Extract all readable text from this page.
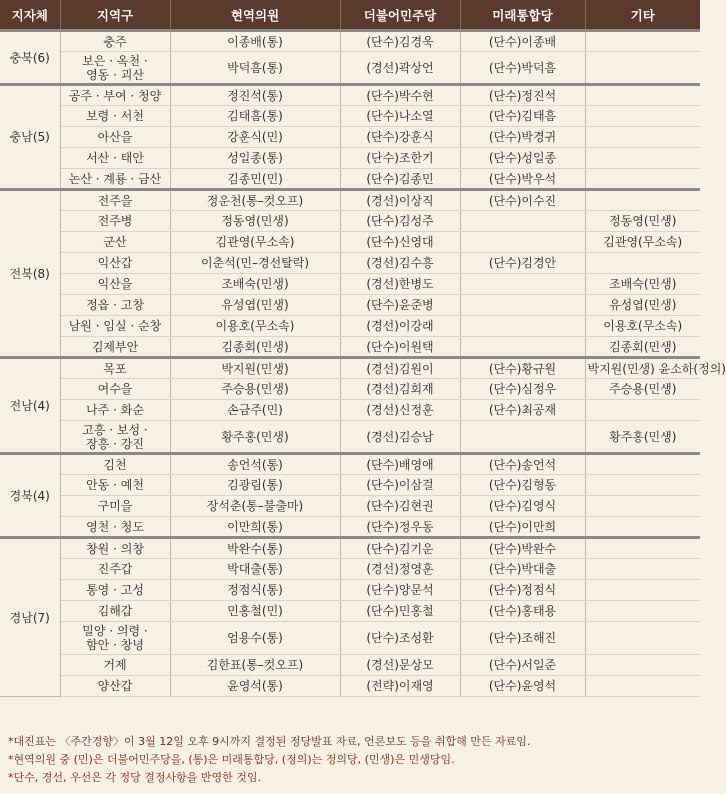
지자체	지역구	현역의원	더불어민주당	미래통합당	기타
충북(6)	충주	이종배(통)	(단수)김경욱	(단수)이종배	
	보은 · 옥천 ·
영동 · 괴산	박덕흠(통)	(경선)곽상언	(단수)박덕흠	
충남(5)	공주 · 부여 · 청양	정진석(통)	(단수)박수현	(단수)정진석	
	보령 · 서천	김태흠(통)	(단수)나소열	(단수)김태흠	
	아산을	강훈식(민)	(단수)강훈식	(단수)박경귀	
	서산 · 태안	성일종(통)	(단수)조한기	(단수)성일종	
	논산 · 계룡 · 금산	김종민(민)	(단수)김종민	(단수)박우석	
전북(8)	전주을	정운천(통–컷오프)	(경선)이상직	(단수)이수진	
	전주병	정동영(민생)	(단수)김성주		정동영(민생)
	군산	김관영(무소속)	(단수)신영대		김관영(무소속)
	익산갑	이춘석(민–경선탈락)	(경선)김수흥	(단수)김경안	
	익산을	조배숙(민생)	(경선)한병도		조배숙(민생)
	정읍 · 고창	유성엽(민생)	(단수)윤준병		유성엽(민생)
	남원 · 임실 · 순창	이용호(무소속)	(경선)이강래		이용호(무소속)
	김제부안	김종회(민생)	(단수)이원택		김종회(민생)
전남(4)	목포	박지원(민생)	(경선)김원이	(단수)황규원	박지원(민생) 윤소하(정의)
	여수을	주승용(민생)	(경선)김회재	(단수)심정우	주승용(민생)
	나주 · 화순	손금주(민)	(경선)신정훈	(단수)최공재	
	고흥 · 보성 ·
장흥 · 강진	황주홍(민생)	(경선)김승남		황주홍(민생)
경북(4)	김천	송언석(통)	(단수)배영애	(단수)송언석	
	안동 · 예천	김광림(통)	(단수)이삼걸	(단수)김형동	
	구미을	장석춘(통–불출마)	(단수)김현권	(단수)김영식	
	영천 · 청도	이만희(통)	(단수)정우동	(단수)이만희	
경남(7)	창원 · 의창	박완수(통)	(단수)김기운	(단수)박완수	
	진주갑	박대출(통)	(경선)정영훈	(단수)박대출	
	통영 · 고성	정점식(통)	(단수)양문석	(단수)정점식	
	김해갑	민홍철(민)	(단수)민홍철	(단수)홍태용	
	밀양 · 의령 ·
함안 · 창녕	엄용수(통)	(단수)조성환	(단수)조해진	
	거제	김한표(통–컷오프)	(경선)문상모	(단수)서일준	
	양산갑	윤영석(통)	(전략)이재영	(단수)윤영석	
*대진표는 〈주간경향〉이 3월 12일 오후 9시까지 결정된 정당발표 자료, 언론보도 등을 취합해 만든 자료임.
*현역의원 중 (민)은 더불어민주당을, (통)은 미래통합당, (정의)는 정의당, (민생)은 민생당임.
*단수, 경선, 우선은 각 정당 결정사항을 반영한 것임.
